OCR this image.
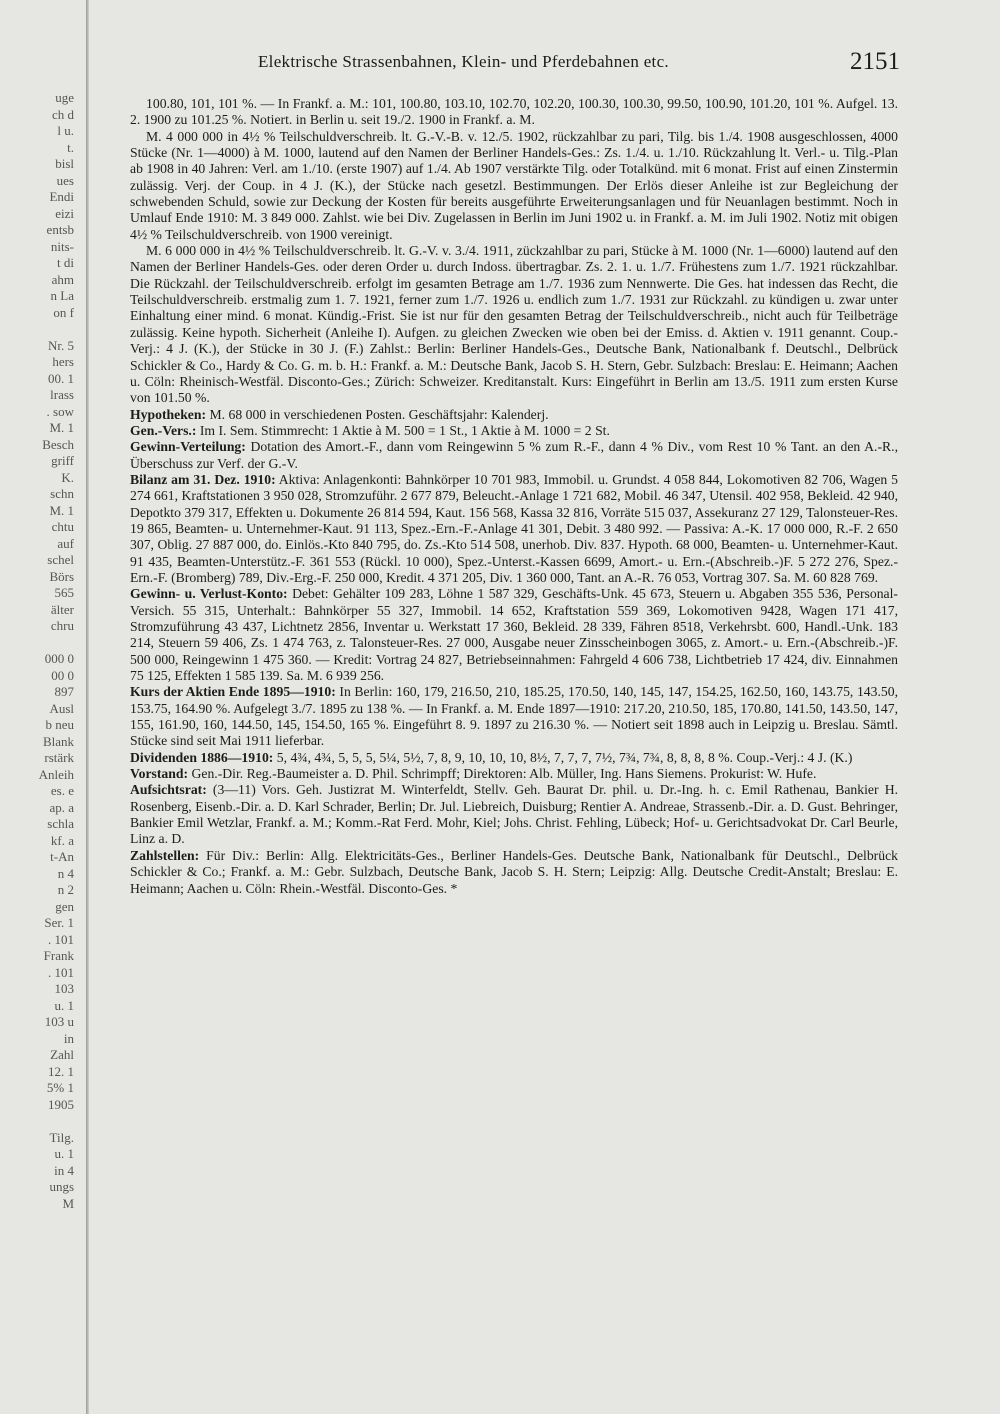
uge
ch d
l u.
t.
bisl
ues
Endi
eizi
entsb
nits-
t di
ahm
n La
on f

Nr. 5
hers
00. 1
lrass
. sow
M. 1
Besch
griff
K.
schn
M. 1
chtu
auf
schel
Börs
565
älter
chru

000 0
00 0
897
Ausl
b neu
Blank
rstärk
Anleih
es. e
ap. a
schla
kf. a
t-An
n 4
n 2
gen
Ser. 1
. 101
Frank
. 101
103
u. 1
103 u
in
Zahl
12. 1
5% 1
1905

Tilg.
u. 1
in 4
ungs
M
Elektrische Strassenbahnen, Klein- und Pferdebahnen etc.	2151

100.80, 101, 101 %. — In Frankf. a. M.: 101, 100.80, 103.10, 102.70, 102.20, 100.30, 100.30, 99.50, 100.90, 101.20, 101 %. Aufgel. 13. 2. 1900 zu 101.25 %. Notiert. in Berlin u. seit 19./2. 1900 in Frankf. a. M.

M. 4 000 000 in 4½ % Teilschuldverschreib. lt. G.-V.-B. v. 12./5. 1902, rückzahlbar zu pari, Tilg. bis 1./4. 1908 ausgeschlossen, 4000 Stücke (Nr. 1—4000) à M. 1000, lautend auf den Namen der Berliner Handels-Ges.: Zs. 1./4. u. 1./10. Rückzahlung lt. Verl.- u. Tilg.-Plan ab 1908 in 40 Jahren: Verl. am 1./10. (erste 1907) auf 1./4. Ab 1907 verstärkte Tilg. oder Totalkünd. mit 6 monat. Frist auf einen Zinstermin zulässig. Verj. der Coup. in 4 J. (K.), der Stücke nach gesetzl. Bestimmungen. Der Erlös dieser Anleihe ist zur Begleichung der schwebenden Schuld, sowie zur Deckung der Kosten für bereits ausgeführte Erweiterungsanlagen und für Neuanlagen bestimmt. Noch in Umlauf Ende 1910: M. 3 849 000. Zahlst. wie bei Div. Zugelassen in Berlin im Juni 1902 u. in Frankf. a. M. im Juli 1902. Notiz mit obigen 4½ % Teilschuldverschreib. von 1900 vereinigt.

M. 6 000 000 in 4½ % Teilschuldverschreib. lt. G.-V. v. 3./4. 1911, zückzahlbar zu pari, Stücke à M. 1000 (Nr. 1—6000) lautend auf den Namen der Berliner Handels-Ges. oder deren Order u. durch Indoss. übertragbar. Zs. 2. 1. u. 1./7. Frühestens zum 1./7. 1921 rückzahlbar. Die Rückzahl. der Teilschuldverschreib. erfolgt im gesamten Betrage am 1./7. 1936 zum Nennwerte. Die Ges. hat indessen das Recht, die Teilschuldverschreib. erstmalig zum 1. 7. 1921, ferner zum 1./7. 1926 u. endlich zum 1./7. 1931 zur Rückzahl. zu kündigen u. zwar unter Einhaltung einer mind. 6 monat. Kündig.-Frist. Sie ist nur für den gesamten Betrag der Teilschuldverschreib., nicht auch für Teilbeträge zulässig. Keine hypoth. Sicherheit (Anleihe I). Aufgen. zu gleichen Zwecken wie oben bei der Emiss. d. Aktien v. 1911 genannt. Coup.-Verj.: 4 J. (K.), der Stücke in 30 J. (F.) Zahlst.: Berlin: Berliner Handels-Ges., Deutsche Bank, Nationalbank f. Deutschl., Delbrück Schickler & Co., Hardy & Co. G. m. b. H.: Frankf. a. M.: Deutsche Bank, Jacob S. H. Stern, Gebr. Sulzbach: Breslau: E. Heimann; Aachen u. Cöln: Rheinisch-Westfäl. Disconto-Ges.; Zürich: Schweizer. Kreditanstalt. Kurs: Eingeführt in Berlin am 13./5. 1911 zum ersten Kurse von 101.50 %.

Hypotheken: M. 68 000 in verschiedenen Posten. Geschäftsjahr: Kalenderj.

Gen.-Vers.: Im I. Sem. Stimmrecht: 1 Aktie à M. 500 = 1 St., 1 Aktie à M. 1000 = 2 St.

Gewinn-Verteilung: Dotation des Amort.-F., dann vom Reingewinn 5 % zum R.-F., dann 4 % Div., vom Rest 10 % Tant. an den A.-R., Überschuss zur Verf. der G.-V.

Bilanz am 31. Dez. 1910: Aktiva: Anlagenkonti: Bahnkörper 10 701 983, Immobil. u. Grundst. 4 058 844, Lokomotiven 82 706, Wagen 5 274 661, Kraftstationen 3 950 028, Stromzuführ. 2 677 879, Beleucht.-Anlage 1 721 682, Mobil. 46 347, Utensil. 402 958, Bekleid. 42 940, Depotkto 379 317, Effekten u. Dokumente 26 814 594, Kaut. 156 568, Kassa 32 816, Vorräte 515 037, Assekuranz 27 129, Talonsteuer-Res. 19 865, Beamten- u. Unternehmer-Kaut. 91 113, Spez.-Ern.-F.-Anlage 41 301, Debit. 3 480 992. — Passiva: A.-K. 17 000 000, R.-F. 2 650 307, Oblig. 27 887 000, do. Einlös.-Kto 840 795, do. Zs.-Kto 514 508, unerhob. Div. 837. Hypoth. 68 000, Beamten- u. Unternehmer-Kaut. 91 435, Beamten-Unterstütz.-F. 361 553 (Rückl. 10 000), Spez.-Unterst.-Kassen 6699, Amort.- u. Ern.-(Abschreib.-)F. 5 272 276, Spez.-Ern.-F. (Bromberg) 789, Div.-Erg.-F. 250 000, Kredit. 4 371 205, Div. 1 360 000, Tant. an A.-R. 76 053, Vortrag 307. Sa. M. 60 828 769.

Gewinn- u. Verlust-Konto: Debet: Gehälter 109 283, Löhne 1 587 329, Geschäfts-Unk. 45 673, Steuern u. Abgaben 355 536, Personal-Versich. 55 315, Unterhalt.: Bahnkörper 55 327, Immobil. 14 652, Kraftstation 559 369, Lokomotiven 9428, Wagen 171 417, Stromzuführung 43 437, Lichtnetz 2856, Inventar u. Werkstatt 17 360, Bekleid. 28 339, Fähren 8518, Verkehrsbt. 600, Handl.-Unk. 183 214, Steuern 59 406, Zs. 1 474 763, z. Talonsteuer-Res. 27 000, Ausgabe neuer Zinsscheinbogen 3065, z. Amort.- u. Ern.-(Abschreib.-)F. 500 000, Reingewinn 1 475 360. — Kredit: Vortrag 24 827, Betriebseinnahmen: Fahrgeld 4 606 738, Lichtbetrieb 17 424, div. Einnahmen 75 125, Effekten 1 585 139. Sa. M. 6 939 256.

Kurs der Aktien Ende 1895—1910: In Berlin: 160, 179, 216.50, 210, 185.25, 170.50, 140, 145, 147, 154.25, 162.50, 160, 143.75, 143.50, 153.75, 164.90 %. Aufgelegt 3./7. 1895 zu 138 %. — In Frankf. a. M. Ende 1897—1910: 217.20, 210.50, 185, 170.80, 141.50, 143.50, 147, 155, 161.90, 160, 144.50, 145, 154.50, 165 %. Eingeführt 8. 9. 1897 zu 216.30 %. — Notiert seit 1898 auch in Leipzig u. Breslau. Sämtl. Stücke sind seit Mai 1911 lieferbar.

Dividenden 1886—1910: 5, 4¾, 4¾, 5, 5, 5, 5¼, 5½, 7, 8, 9, 10, 10, 10, 8½, 7, 7, 7, 7½, 7¾, 7¾, 8, 8, 8, 8 %. Coup.-Verj.: 4 J. (K.)

Vorstand: Gen.-Dir. Reg.-Baumeister a. D. Phil. Schrimpff; Direktoren: Alb. Müller, Ing. Hans Siemens. Prokurist: W. Hufe.

Aufsichtsrat: (3—11) Vors. Geh. Justizrat M. Winterfeldt, Stellv. Geh. Baurat Dr. phil. u. Dr.-Ing. h. c. Emil Rathenau, Bankier H. Rosenberg, Eisenb.-Dir. a. D. Karl Schrader, Berlin; Dr. Jul. Liebreich, Duisburg; Rentier A. Andreae, Strassenb.-Dir. a. D. Gust. Behringer, Bankier Emil Wetzlar, Frankf. a. M.; Komm.-Rat Ferd. Mohr, Kiel; Johs. Christ. Fehling, Lübeck; Hof- u. Gerichtsadvokat Dr. Carl Beurle, Linz a. D.

Zahlstellen: Für Div.: Berlin: Allg. Elektricitäts-Ges., Berliner Handels-Ges. Deutsche Bank, Nationalbank für Deutschl., Delbrück Schickler & Co.; Frankf. a. M.: Gebr. Sulzbach, Deutsche Bank, Jacob S. H. Stern; Leipzig: Allg. Deutsche Credit-Anstalt; Breslau: E. Heimann; Aachen u. Cöln: Rhein.-Westfäl. Disconto-Ges. *
